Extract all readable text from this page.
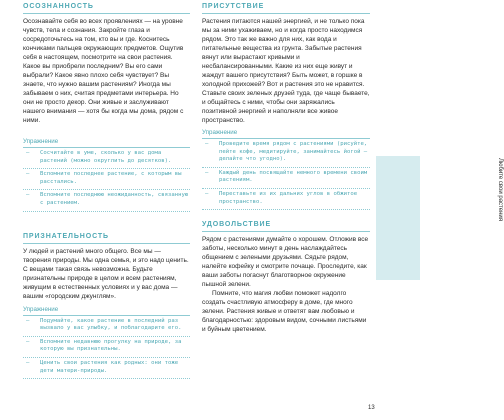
ОСОЗНАННОСТЬ

Осознавайте себя во всех проявлениях — на уровне чувств, тела и сознания. Закройте глаза и сосредоточьтесь на том, кто вы и где. Коснитесь кончиками пальцев окружающих предметов. Ощутив себя в настоящем, посмотрите на свои растения. Какое вы приобрели последним? Вы его сами выбрали? Какое явно плохо себя чувствует? Вы знаете, что нужно вашим растениям? Иногда мы забываем о них, считая предметами интерьера. Но они не просто декор. Они живые и заслуживают нашего внимания — хотя бы когда мы дома, рядом с ними.

Упражнение

— Сосчитайте в уме, сколько у вас дома растений (можно округлить до десятков).
— Вспомните последнее растение, с которым вы расстались.
— Вспомните последнюю неожиданность, связанную с растением.
ПРИЗНАТЕЛЬНОСТЬ

У людей и растений много общего. Все мы — творения природы. Мы одна семья, и это надо ценить. С вещами такая связь невозможна. Будьте признательны природе в целом и всем растениям, живущим в естественных условиях и у вас дома — вашим «городским джунглям».

Упражнение

— Подумайте, какое растение в последний раз вызвало у вас улыбку, и поблагодарите его.
— Вспомните недавнюю прогулку на природе, за которую вы признательны.
— Ценить свои растения как родных: они тоже дети матери-природы.
ПРИСУТСТВИЕ

Растения питаются нашей энергией, и не только пока мы за ними ухаживаем, но и когда просто находимся рядом. Это так же важно для них, как вода и питательные вещества из грунта. Забытые растения вянут или вырастают кривыми и несбалансированными. Какие из них еще живут и жаждут вашего присутствия? Быть может, в горшке в холодной прихожей? Вот и растения это не нравится. Ставьте своих зеленых друзей туда, где чаще бываете, и общайтесь с ними, чтобы они заряжались позитивной энергией и наполняли все живое пространство.

Упражнение

— Проведите время рядом с растениями (рисуйте, пейте кофе, медитируйте, занимайтесь йогой — делайте что угодно).
— Каждый день посвящайте немного времени своим растениям.
— Переставьте из их дальних углов в обжитое пространство.
УДОВОЛЬСТВИЕ

Рядом с растениями думайте о хорошем. Отложив все заботы, несколько минут в день наслаждайтесь общением с зелеными друзьями. Сядьте рядом, налейте кофейку и смотрите почаще. Проследите, как ваши заботы погаснут благотворное окружение пышной зелени.

Помните, что магия любви поможет надолго создать счастливую атмосферу в доме, где много зелени. Растения живые и ответят вам любовью и благодарностью: здоровым видом, сочными листьями и буйным цветением.

Любите свои растения
13
